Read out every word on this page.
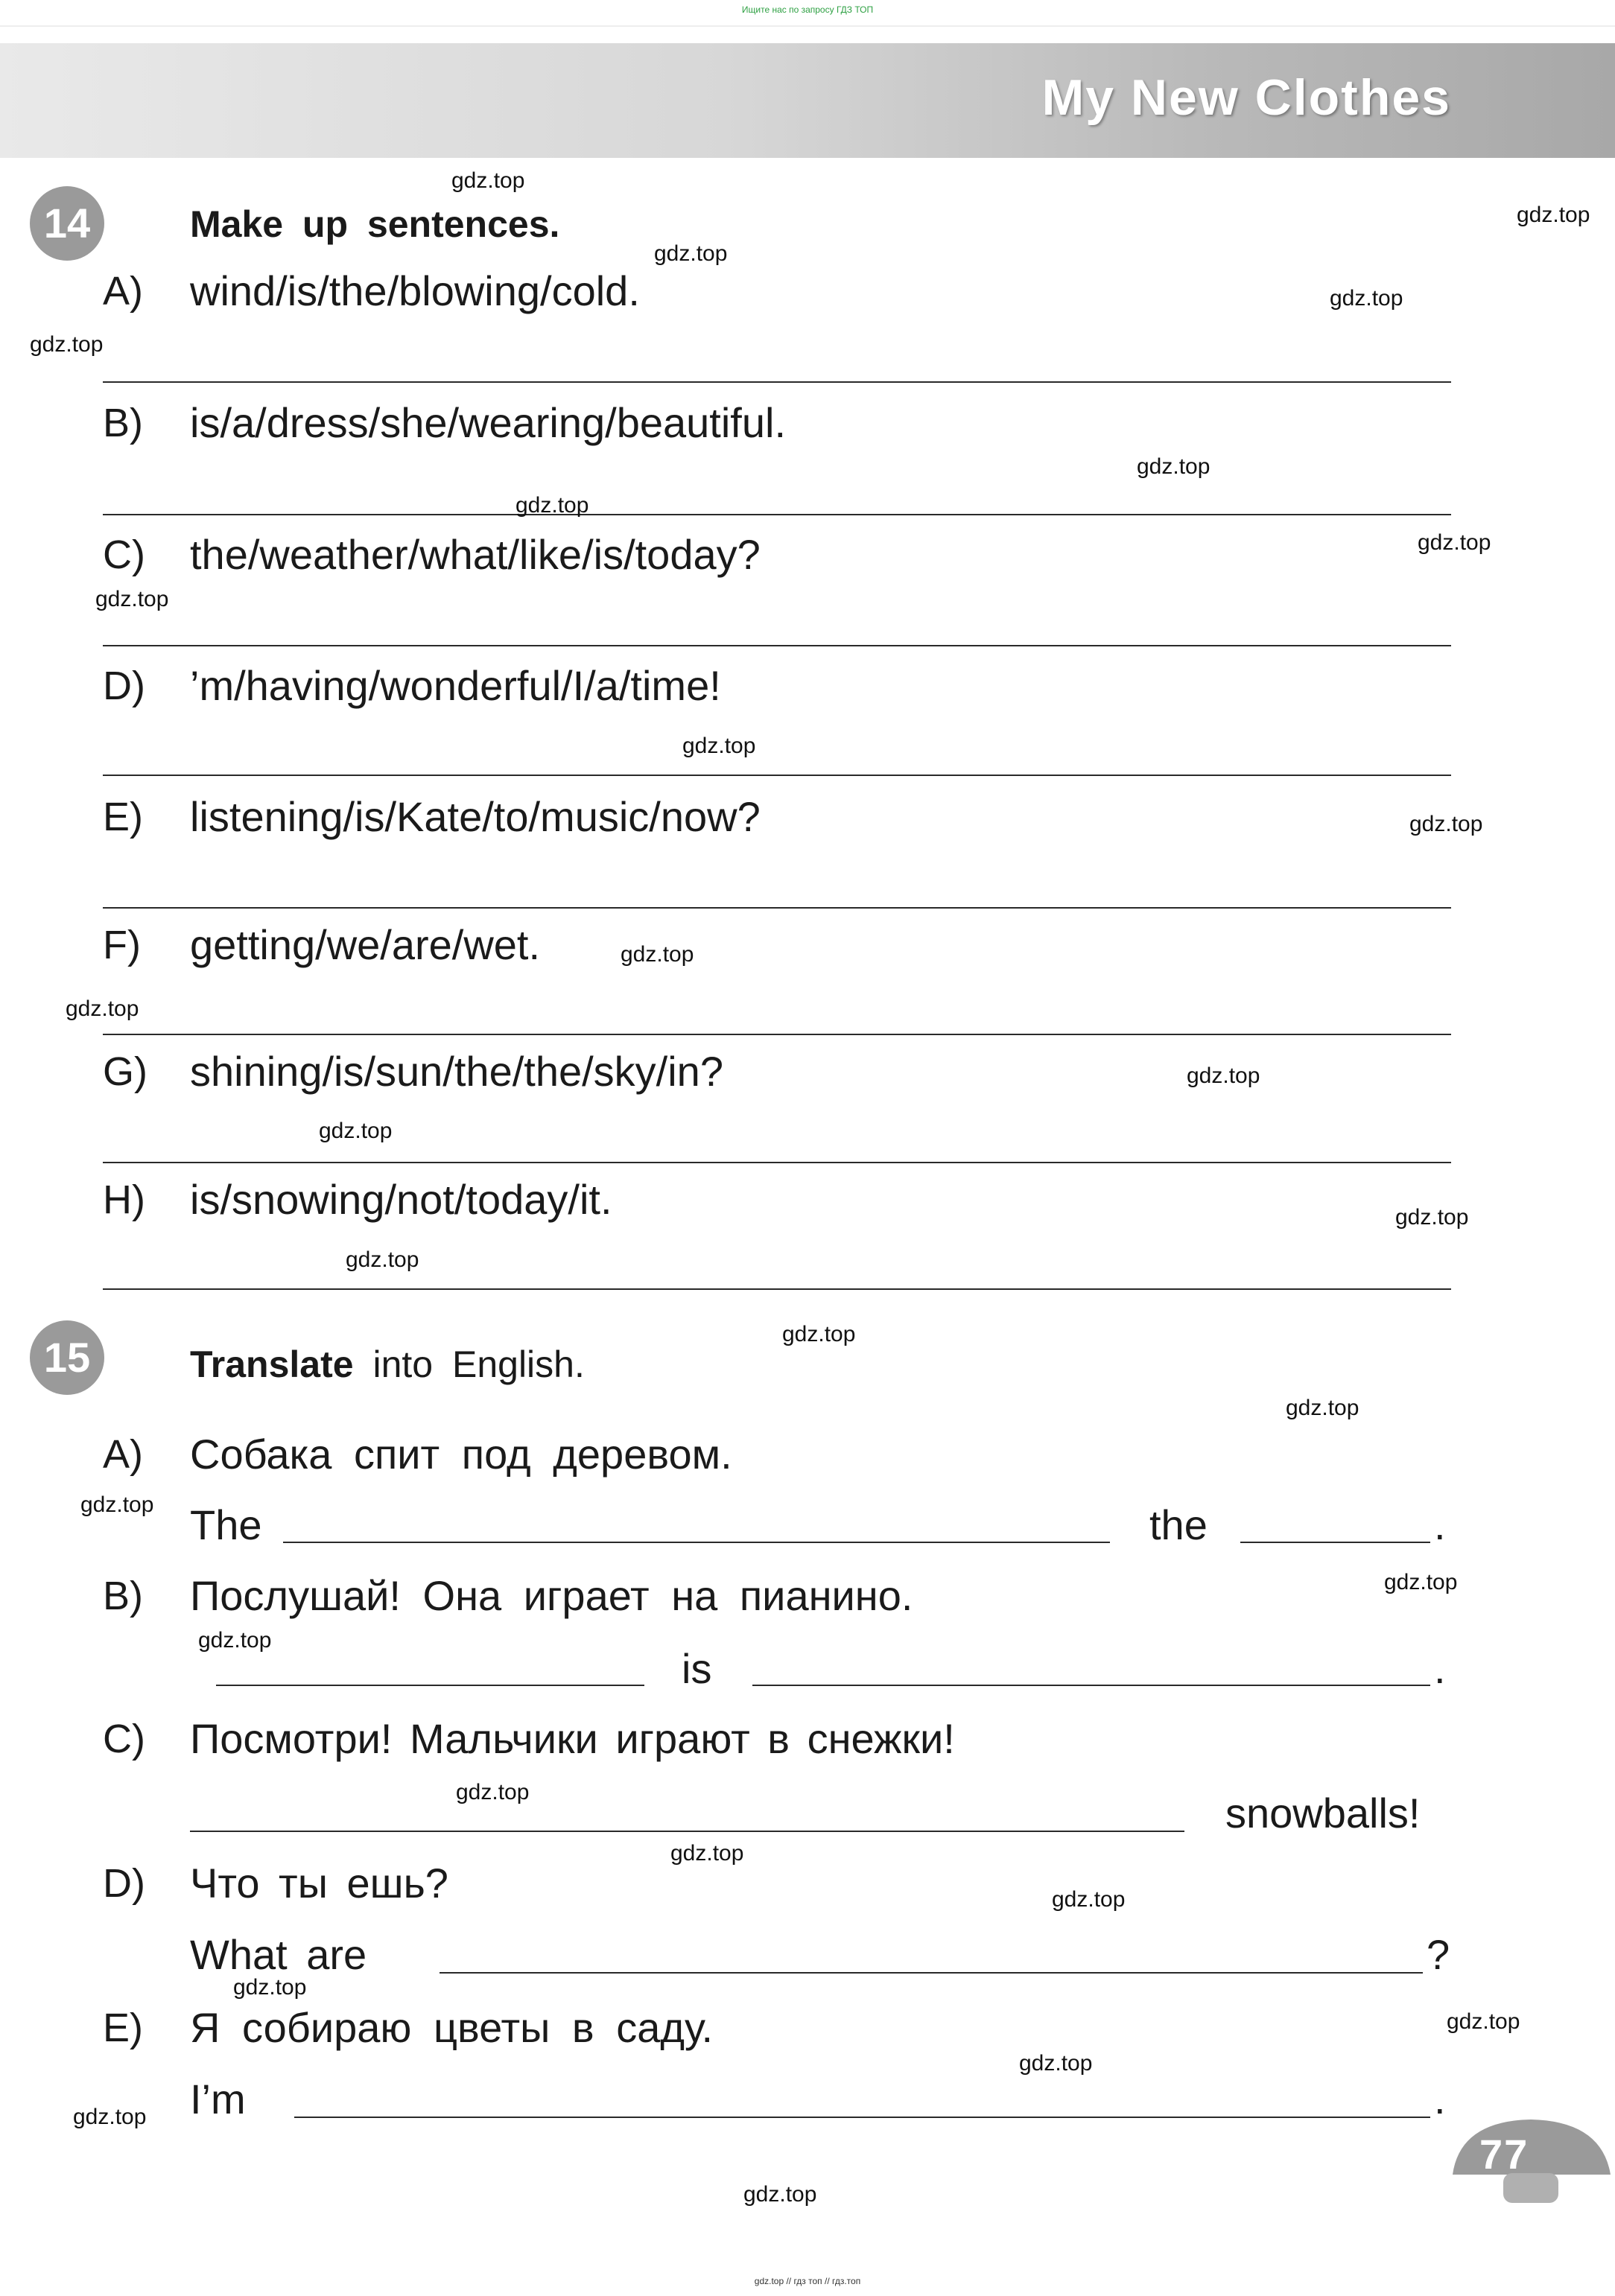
Ищите нас по запросу ГДЗ ТОП
My New Clothes
14	Make up sentences.
A) wind/is/the/blowing/cold.
B) is/a/dress/she/wearing/beautiful.
C) the/weather/what/like/is/today?
D) ’m/having/wonderful/I/a/time!
E) listening/is/Kate/to/music/now?
F) getting/we/are/wet.
G) shining/is/sun/the/the/sky/in?
H) is/snowing/not/today/it.
15	Translate into English.
A) Собака спит под деревом.
The	the	.
B) Послушай! Она играет на пианино.
is	.
C) Посмотри! Мальчики играют в снежки!
snowballs!
D) Что ты ешь?
What are	?
E) Я собираю цветы в саду.
I’m	.
77
gdz.top
gdz.top
gdz.top
gdz.top
gdz.top
gdz.top
gdz.top
gdz.top
gdz.top
gdz.top
gdz.top
gdz.top
gdz.top
gdz.top
gdz.top
gdz.top
gdz.top
gdz.top
gdz.top
gdz.top
gdz.top
gdz.top
gdz.top
gdz.top
gdz.top
gdz.top
gdz.top
gdz.top
gdz.top
gdz.top
gdz.top // гдз топ // гдз.топ
